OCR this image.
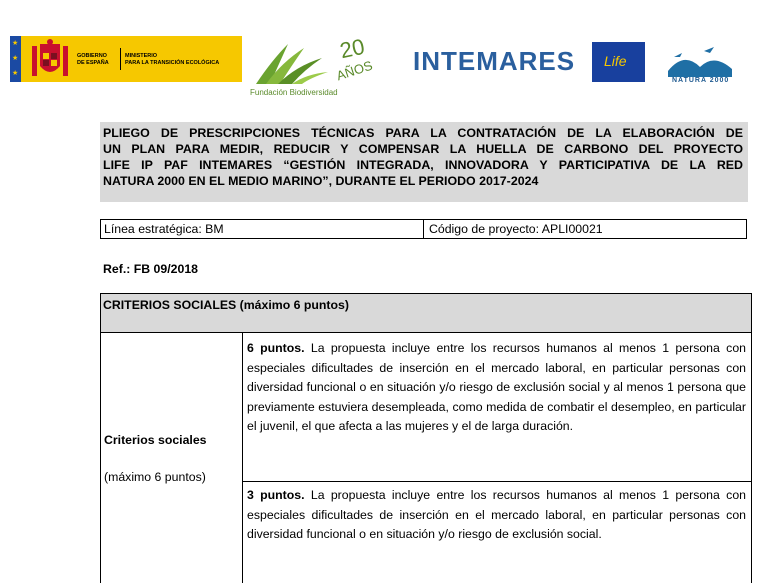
★
★
★
GOBIERNO
DE ESPAÑA
MINISTERIO
PARA LA TRANSICIÓN ECOLÓGICA
Fundación Biodiversidad
20
AÑOS INTEMARES Life
NATURA 2000
PLIEGO DE PRESCRIPCIONES TÉCNICAS PARA LA CONTRATACIÓN DE LA ELABORACIÓN DE
UN PLAN PARA MEDIR, REDUCIR Y COMPENSAR LA HUELLA DE CARBONO DEL PROYECTO
LIFE IP PAF INTEMARES “GESTIÓN INTEGRADA, INNOVADORA Y PARTICIPATIVA DE LA RED
NATURA 2000 EN EL MEDIO MARINO”, DURANTE EL PERIODO 2017-2024
Línea estratégica: BM	Código de proyecto: APLI00021
Ref.: FB 09/2018
CRITERIOS SOCIALES (máximo 6 puntos)
Criterios sociales
(máximo 6 puntos)
6 puntos. La propuesta incluye entre los recursos humanos al menos 1 persona con especiales dificultades de inserción en el mercado laboral, en particular personas con diversidad funcional o en situación y/o riesgo de exclusión social y al menos 1 persona que previamente estuviera desempleada, como medida de combatir el desempleo, en particular el juvenil, el que afecta a las mujeres y el de larga duración.
3 puntos. La propuesta incluye entre los recursos humanos al menos 1 persona con especiales dificultades de inserción en el mercado laboral, en particular personas con diversidad funcional o en situación y/o riesgo de exclusión social.
